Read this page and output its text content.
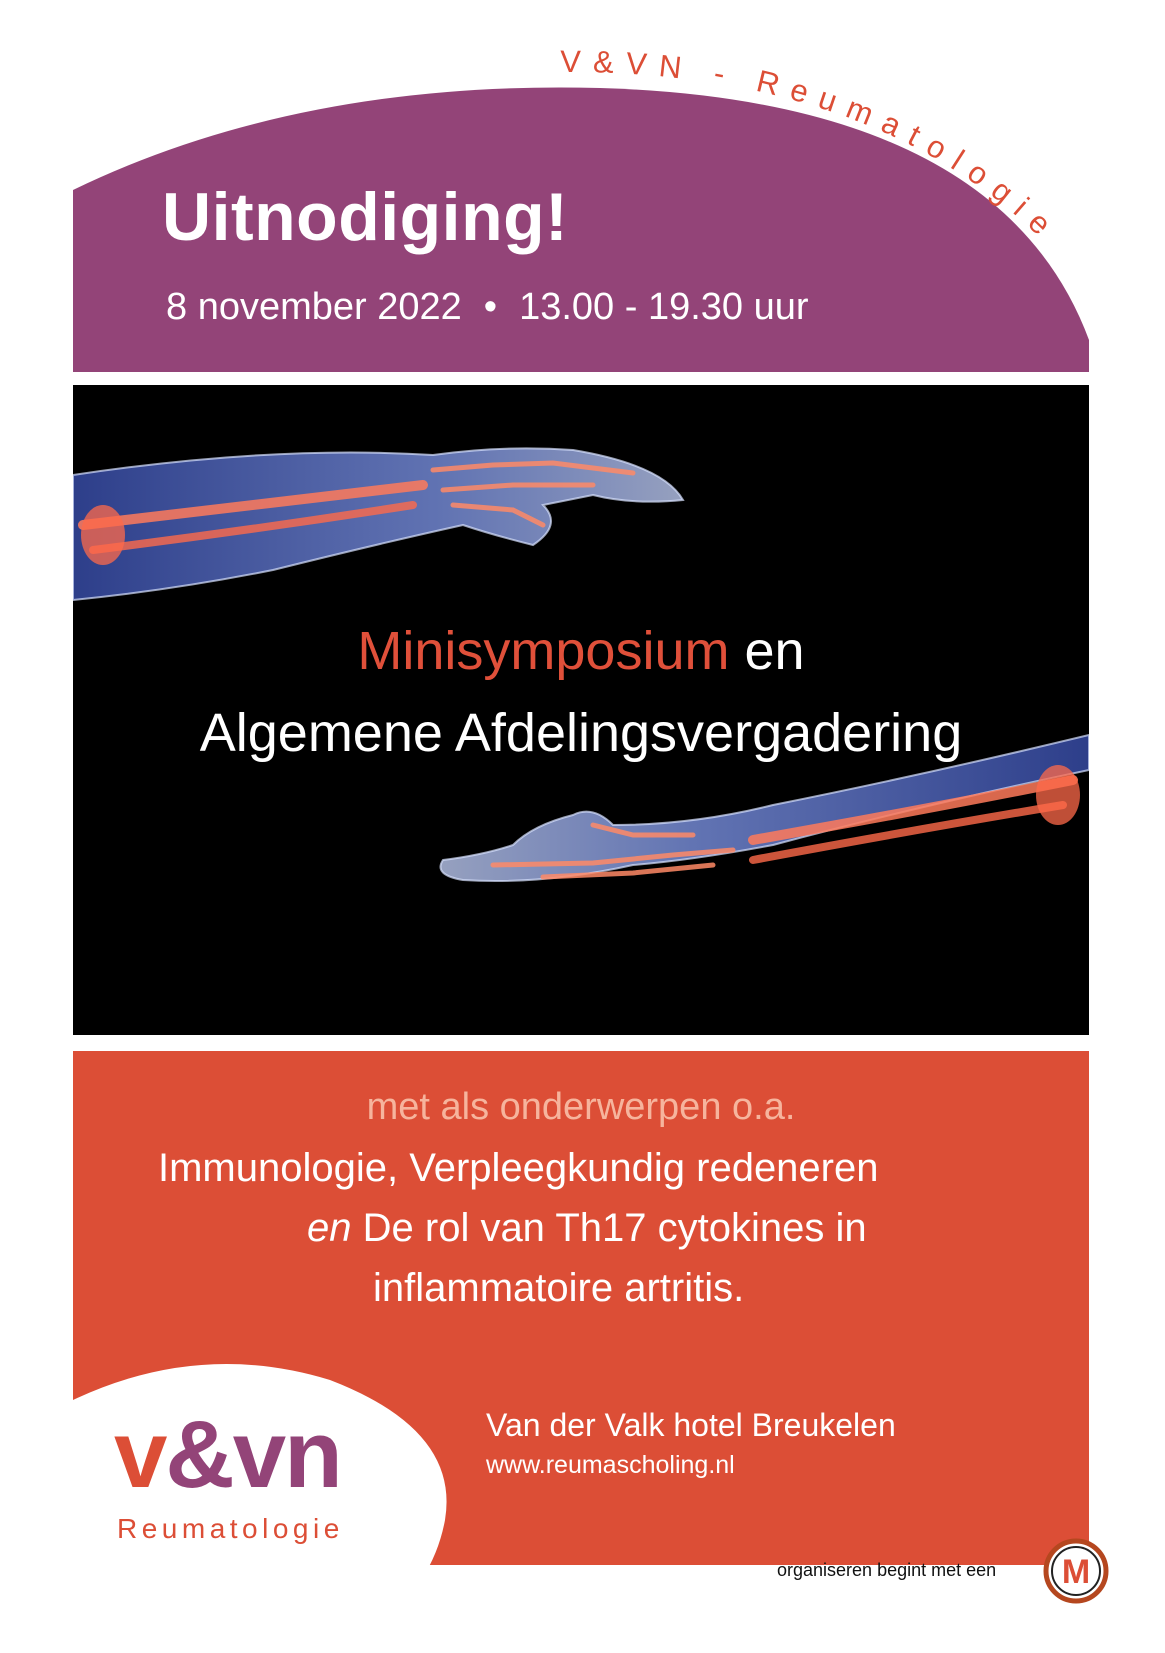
V&VN - Reumatologie
Uitnodiging!
8 november 2022 • 13.00 - 19.30 uur
Minisymposium en
Algemene Afdelingsvergadering
met als onderwerpen o.a.
Immunologie, Verpleegkundig redeneren
en De rol van Th17 cytokines in
inflammatoire artritis.
v&vn
Reumatologie
Van der Valk hotel Breukelen
www.reumascholing.nl
organiseren begint met een M
